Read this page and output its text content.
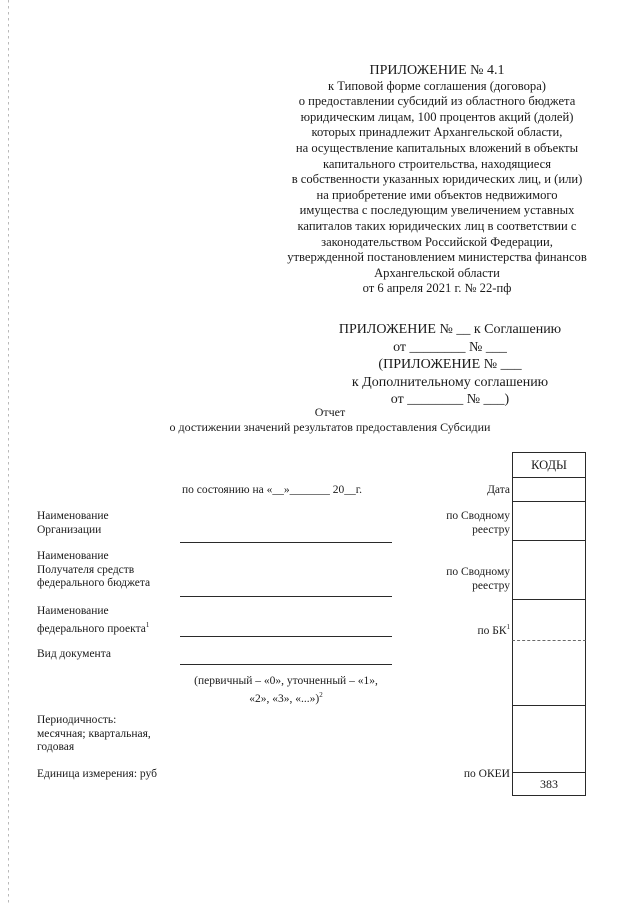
ПРИЛОЖЕНИЕ № 4.1
к Типовой форме соглашения (договора)
о предоставлении субсидий из областного бюджета
юридическим лицам, 100 процентов акций (долей)
которых принадлежит Архангельской области,
на осуществление капитальных вложений в объекты
капитального строительства, находящиеся
в собственности указанных юридических лиц, и (или)
на приобретение ими объектов недвижимого
имущества с последующим увеличением уставных
капиталов таких юридических лиц в соответствии с
законодательством Российской Федерации,
утвержденной постановлением министерства финансов
Архангельской области
от 6 апреля 2021 г. № 22-пф
ПРИЛОЖЕНИЕ № __ к Соглашению
от ________ № ___
(ПРИЛОЖЕНИЕ № ___
к Дополнительному соглашению
от ________ № ___)
Отчет
о достижении значений результатов предоставления Субсидии
КОДЫ
383
по состоянию на «__»_______ 20__г.	Дата
Наименование
Организации
по Сводному
реестру
Наименование
Получателя средств
федерального бюджета
по Сводному
реестру
Наименование
федерального проекта$^1$
по $БК^1$
Вид документа
(первичный – «0», уточненный – «1»,
«2», «3», «...»)$^2$
Периодичность:
месячная; квартальная,
годовая
Единица измерения: руб	по ОКЕИ
